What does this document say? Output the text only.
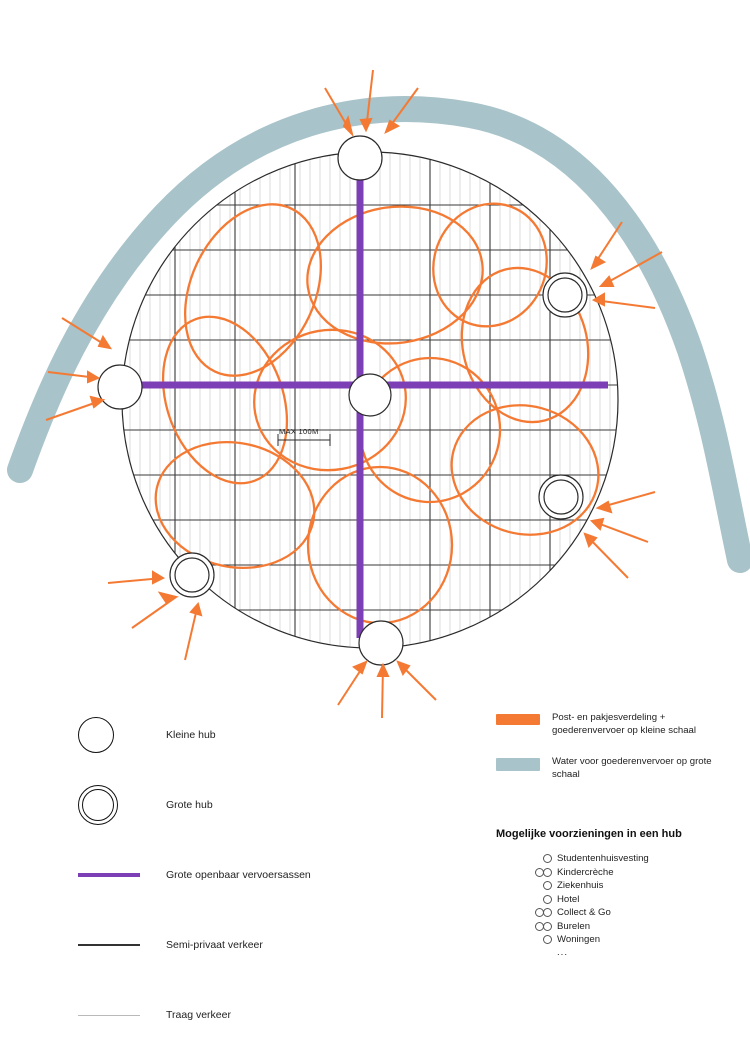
MAX 100M
Kleine hub
Grote hub
Grote openbaar vervoersassen
Semi-privaat verkeer
Traag verkeer
Post- en pakjesverdeling + goederenvervoer op kleine schaal
Water voor goederenvervoer op grote schaal
Mogelijke voorzieningen in een hub
Studentenhuisvesting
Kindercrèche
Ziekenhuis
Hotel
Collect & Go
Burelen
Woningen
...
